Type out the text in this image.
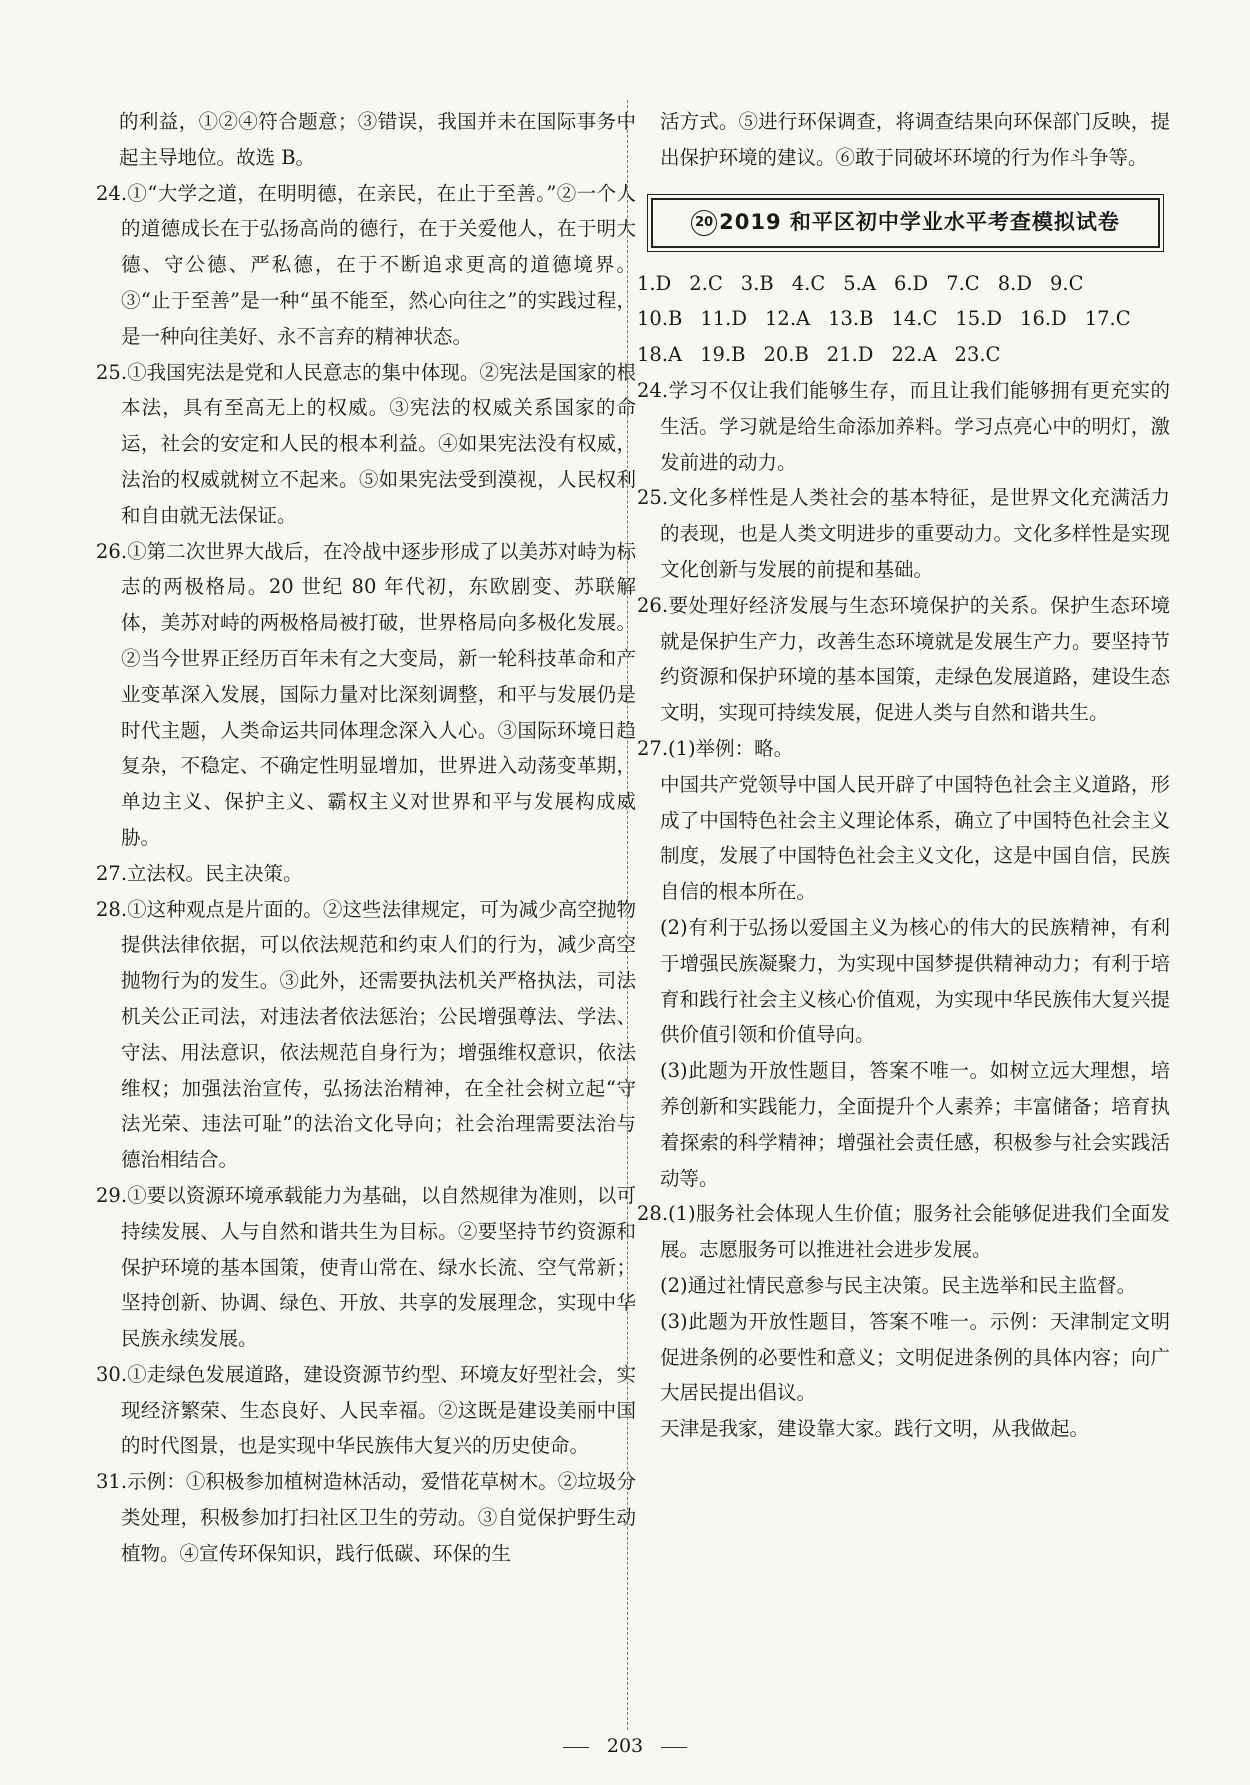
的利益，①②④符合题意；③错误，我国并未在国际事务中起主导地位。故选 B。

24.①“大学之道，在明明德，在亲民，在止于至善。”②一个人的道德成长在于弘扬高尚的德行，在于关爱他人，在于明大德、守公德、严私德，在于不断追求更高的道德境界。③“止于至善”是一种“虽不能至，然心向往之”的实践过程，是一种向往美好、永不言弃的精神状态。

25.①我国宪法是党和人民意志的集中体现。②宪法是国家的根本法，具有至高无上的权威。③宪法的权威关系国家的命运，社会的安定和人民的根本利益。④如果宪法没有权威，法治的权威就树立不起来。⑤如果宪法受到漠视，人民权利和自由就无法保证。

26.①第二次世界大战后，在冷战中逐步形成了以美苏对峙为标志的两极格局。20 世纪 80 年代初，东欧剧变、苏联解体，美苏对峙的两极格局被打破，世界格局向多极化发展。②当今世界正经历百年未有之大变局，新一轮科技革命和产业变革深入发展，国际力量对比深刻调整，和平与发展仍是时代主题，人类命运共同体理念深入人心。③国际环境日趋复杂，不稳定、不确定性明显增加，世界进入动荡变革期，单边主义、保护主义、霸权主义对世界和平与发展构成威胁。

27.立法权。民主决策。

28.①这种观点是片面的。②这些法律规定，可为减少高空抛物提供法律依据，可以依法规范和约束人们的行为，减少高空抛物行为的发生。③此外，还需要执法机关严格执法，司法机关公正司法，对违法者依法惩治；公民增强尊法、学法、守法、用法意识，依法规范自身行为；增强维权意识，依法维权；加强法治宣传，弘扬法治精神，在全社会树立起“守法光荣、违法可耻”的法治文化导向；社会治理需要法治与德治相结合。

29.①要以资源环境承载能力为基础，以自然规律为准则，以可持续发展、人与自然和谐共生为目标。②要坚持节约资源和保护环境的基本国策，使青山常在、绿水长流、空气常新；坚持创新、协调、绿色、开放、共享的发展理念，实现中华民族永续发展。

30.①走绿色发展道路，建设资源节约型、环境友好型社会，实现经济繁荣、生态良好、人民幸福。②这既是建设美丽中国的时代图景，也是实现中华民族伟大复兴的历史使命。

31.示例：①积极参加植树造林活动，爱惜花草树木。②垃圾分类处理，积极参加打扫社区卫生的劳动。③自觉保护野生动植物。④宣传环保知识，践行低碳、环保的生

活方式。⑤进行环保调查，将调查结果向环保部门反映，提出保护环境的建议。⑥敢于同破坏环境的行为作斗争等。

20 2019 和平区初中学业水平考查模拟试卷
1.D 2.C 3.B 4.C 5.A 6.D 7.C 8.D 9.C
10.B 11.D 12.A 13.B 14.C 15.D 16.D 17.C
18.A 19.B 20.B 21.D 22.A 23.C

24.学习不仅让我们能够生存，而且让我们能够拥有更充实的生活。学习就是给生命添加养料。学习点亮心中的明灯，激发前进的动力。

25.文化多样性是人类社会的基本特征，是世界文化充满活力的表现，也是人类文明进步的重要动力。文化多样性是实现文化创新与发展的前提和基础。

26.要处理好经济发展与生态环境保护的关系。保护生态环境就是保护生产力，改善生态环境就是发展生产力。要坚持节约资源和保护环境的基本国策，走绿色发展道路，建设生态文明，实现可持续发展，促进人类与自然和谐共生。

27.(1)举例：略。

中国共产党领导中国人民开辟了中国特色社会主义道路，形成了中国特色社会主义理论体系，确立了中国特色社会主义制度，发展了中国特色社会主义文化，这是中国自信，民族自信的根本所在。

(2)有利于弘扬以爱国主义为核心的伟大的民族精神，有利于增强民族凝聚力，为实现中国梦提供精神动力；有利于培育和践行社会主义核心价值观，为实现中华民族伟大复兴提供价值引领和价值导向。

(3)此题为开放性题目，答案不唯一。如树立远大理想，培养创新和实践能力，全面提升个人素养；丰富储备；培育执着探索的科学精神；增强社会责任感，积极参与社会实践活动等。

28.(1)服务社会体现人生价值；服务社会能够促进我们全面发展。志愿服务可以推进社会进步发展。

(2)通过社情民意参与民主决策。民主选举和民主监督。

(3)此题为开放性题目，答案不唯一。示例：天津制定文明促进条例的必要性和意义；文明促进条例的具体内容；向广大居民提出倡议。

天津是我家，建设靠大家。践行文明，从我做起。

203
